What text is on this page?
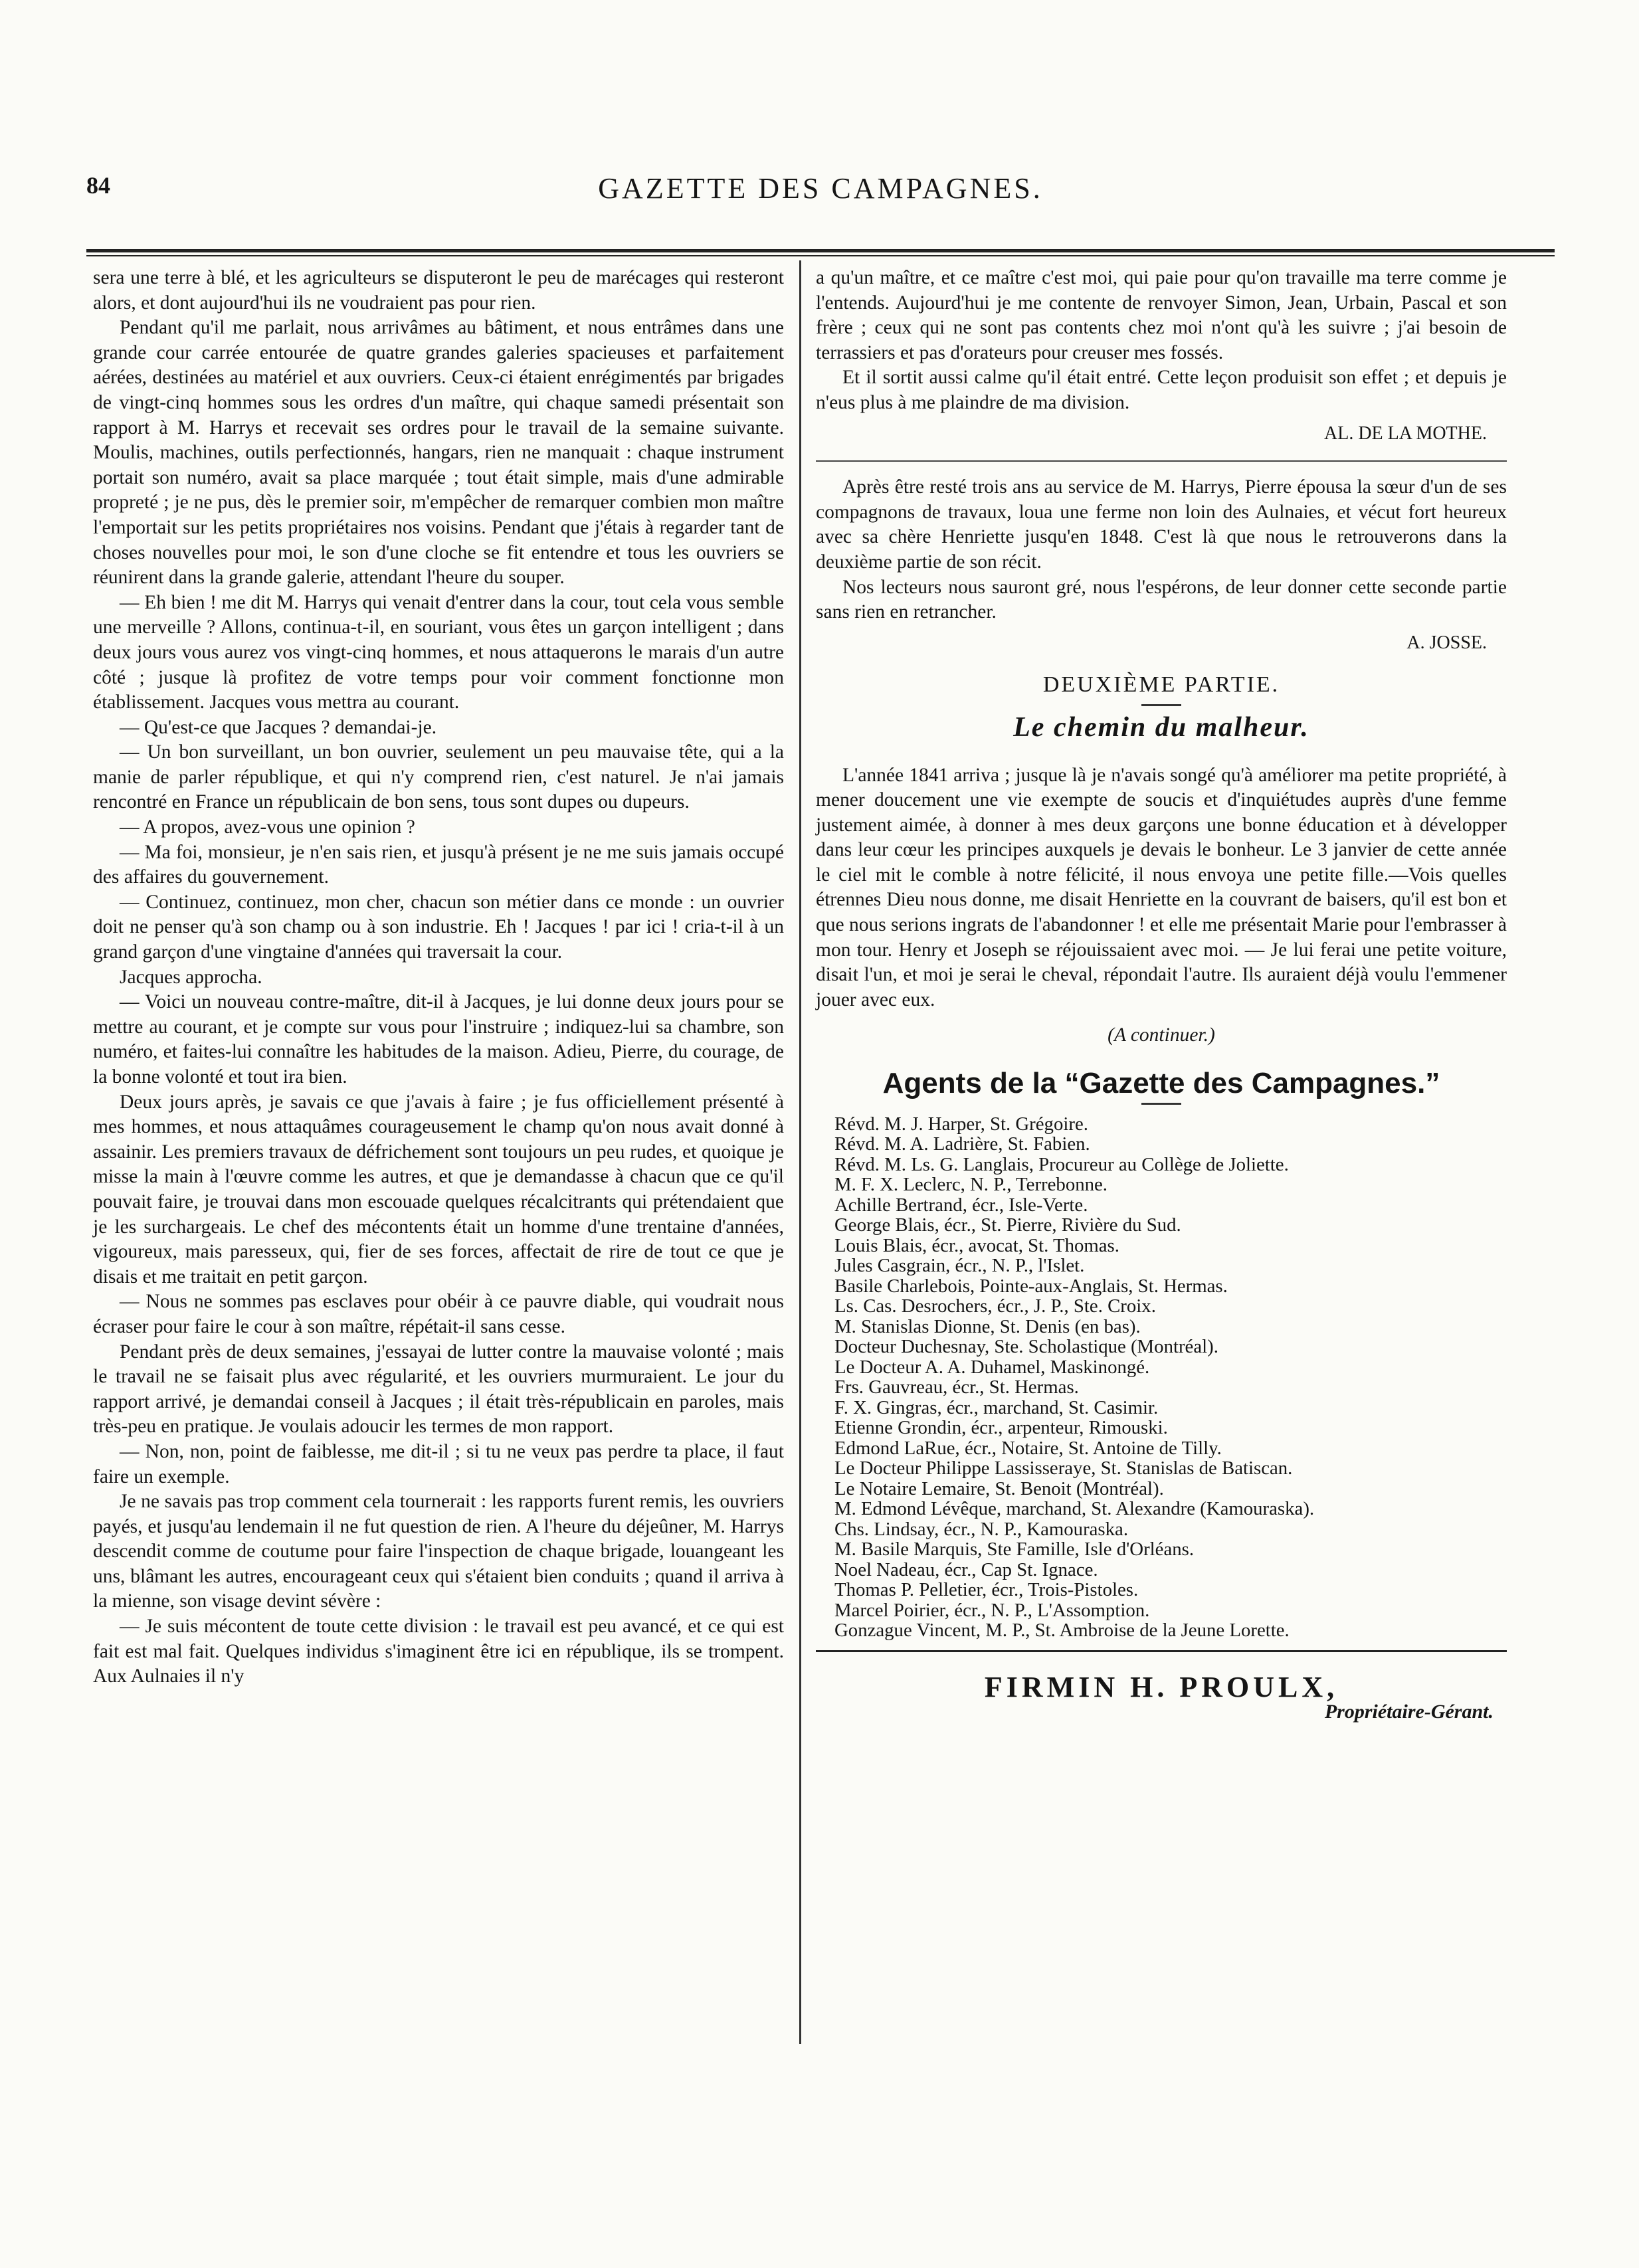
84	GAZETTE DES CAMPAGNES.

sera une terre à blé, et les agriculteurs se disputeront le peu de marécages qui resteront alors, et dont aujourd'hui ils ne voudraient pas pour rien.

Pendant qu'il me parlait, nous arrivâmes au bâtiment, et nous entrâmes dans une grande cour carrée entourée de quatre grandes galeries spacieuses et parfaitement aérées, destinées au matériel et aux ouvriers. Ceux-ci étaient enrégimentés par brigades de vingt-cinq hommes sous les ordres d'un maître, qui chaque samedi présentait son rapport à M. Harrys et recevait ses ordres pour le travail de la semaine suivante. Moulis, machines, outils perfectionnés, hangars, rien ne manquait : chaque instrument portait son numéro, avait sa place marquée ; tout était simple, mais d'une admirable propreté ; je ne pus, dès le premier soir, m'empêcher de remarquer combien mon maître l'emportait sur les petits propriétaires nos voisins. Pendant que j'étais à regarder tant de choses nouvelles pour moi, le son d'une cloche se fit entendre et tous les ouvriers se réunirent dans la grande galerie, attendant l'heure du souper.

— Eh bien ! me dit M. Harrys qui venait d'entrer dans la cour, tout cela vous semble une merveille ? Allons, continua-t-il, en souriant, vous êtes un garçon intelligent ; dans deux jours vous aurez vos vingt-cinq hommes, et nous attaquerons le marais d'un autre côté ; jusque là profitez de votre temps pour voir comment fonctionne mon établissement. Jacques vous mettra au courant.

— Qu'est-ce que Jacques ? demandai-je.

— Un bon surveillant, un bon ouvrier, seulement un peu mauvaise tête, qui a la manie de parler république, et qui n'y comprend rien, c'est naturel. Je n'ai jamais rencontré en France un républicain de bon sens, tous sont dupes ou dupeurs.

— A propos, avez-vous une opinion ?

— Ma foi, monsieur, je n'en sais rien, et jusqu'à présent je ne me suis jamais occupé des affaires du gouvernement.

— Continuez, continuez, mon cher, chacun son métier dans ce monde : un ouvrier doit ne penser qu'à son champ ou à son industrie. Eh ! Jacques ! par ici ! cria-t-il à un grand garçon d'une vingtaine d'années qui traversait la cour.

Jacques approcha.

— Voici un nouveau contre-maître, dit-il à Jacques, je lui donne deux jours pour se mettre au courant, et je compte sur vous pour l'instruire ; indiquez-lui sa chambre, son numéro, et faites-lui connaître les habitudes de la maison. Adieu, Pierre, du courage, de la bonne volonté et tout ira bien.

Deux jours après, je savais ce que j'avais à faire ; je fus officiellement présenté à mes hommes, et nous attaquâmes courageusement le champ qu'on nous avait donné à assainir. Les premiers travaux de défrichement sont toujours un peu rudes, et quoique je misse la main à l'œuvre comme les autres, et que je demandasse à chacun que ce qu'il pouvait faire, je trouvai dans mon escouade quelques récalcitrants qui prétendaient que je les surchargeais. Le chef des mécontents était un homme d'une trentaine d'années, vigoureux, mais paresseux, qui, fier de ses forces, affectait de rire de tout ce que je disais et me traitait en petit garçon.

— Nous ne sommes pas esclaves pour obéir à ce pauvre diable, qui voudrait nous écraser pour faire le cour à son maître, répétait-il sans cesse.

Pendant près de deux semaines, j'essayai de lutter contre la mauvaise volonté ; mais le travail ne se faisait plus avec régularité, et les ouvriers murmuraient. Le jour du rapport arrivé, je demandai conseil à Jacques ; il était très-républicain en paroles, mais très-peu en pratique. Je voulais adoucir les termes de mon rapport.

— Non, non, point de faiblesse, me dit-il ; si tu ne veux pas perdre ta place, il faut faire un exemple.

Je ne savais pas trop comment cela tournerait : les rapports furent remis, les ouvriers payés, et jusqu'au lendemain il ne fut question de rien. A l'heure du déjeûner, M. Harrys descendit comme de coutume pour faire l'inspection de chaque brigade, louangeant les uns, blâmant les autres, encourageant ceux qui s'étaient bien conduits ; quand il arriva à la mienne, son visage devint sévère :

— Je suis mécontent de toute cette division : le travail est peu avancé, et ce qui est fait est mal fait. Quelques individus s'imaginent être ici en république, ils se trompent. Aux Aulnaies il n'y

a qu'un maître, et ce maître c'est moi, qui paie pour qu'on travaille ma terre comme je l'entends. Aujourd'hui je me contente de renvoyer Simon, Jean, Urbain, Pascal et son frère ; ceux qui ne sont pas contents chez moi n'ont qu'à les suivre ; j'ai besoin de terrassiers et pas d'orateurs pour creuser mes fossés.

Et il sortit aussi calme qu'il était entré. Cette leçon produisit son effet ; et depuis je n'eus plus à me plaindre de ma division.

AL. DE LA MOTHE.

Après être resté trois ans au service de M. Harrys, Pierre épousa la sœur d'un de ses compagnons de travaux, loua une ferme non loin des Aulnaies, et vécut fort heureux avec sa chère Henriette jusqu'en 1848. C'est là que nous le retrouverons dans la deuxième partie de son récit.

Nos lecteurs nous sauront gré, nous l'espérons, de leur donner cette seconde partie sans rien en retrancher.

A. JOSSE.
DEUXIÈME PARTIE.
Le chemin du malheur.

L'année 1841 arriva ; jusque là je n'avais songé qu'à améliorer ma petite propriété, à mener doucement une vie exempte de soucis et d'inquiétudes auprès d'une femme justement aimée, à donner à mes deux garçons une bonne éducation et à développer dans leur cœur les principes auxquels je devais le bonheur. Le 3 janvier de cette année le ciel mit le comble à notre félicité, il nous envoya une petite fille.—Vois quelles étrennes Dieu nous donne, me disait Henriette en la couvrant de baisers, qu'il est bon et que nous serions ingrats de l'abandonner ! et elle me présentait Marie pour l'embrasser à mon tour. Henry et Joseph se réjouissaient avec moi. — Je lui ferai une petite voiture, disait l'un, et moi je serai le cheval, répondait l'autre. Ils auraient déjà voulu l'emmener jouer avec eux.

(A continuer.)
Agents de la “Gazette des Campagnes.”
Révd. M. J. Harper, St. Grégoire.
Révd. M. A. Ladrière, St. Fabien.
Révd. M. Ls. G. Langlais, Procureur au Collège de Joliette.
M. F. X. Leclerc, N. P., Terrebonne.
Achille Bertrand, écr., Isle-Verte.
George Blais, écr., St. Pierre, Rivière du Sud.
Louis Blais, écr., avocat, St. Thomas.
Jules Casgrain, écr., N. P., l'Islet.
Basile Charlebois, Pointe-aux-Anglais, St. Hermas.
Ls. Cas. Desrochers, écr., J. P., Ste. Croix.
M. Stanislas Dionne, St. Denis (en bas).
Docteur Duchesnay, Ste. Scholastique (Montréal).
Le Docteur A. A. Duhamel, Maskinongé.
Frs. Gauvreau, écr., St. Hermas.
F. X. Gingras, écr., marchand, St. Casimir.
Etienne Grondin, écr., arpenteur, Rimouski.
Edmond LaRue, écr., Notaire, St. Antoine de Tilly.
Le Docteur Philippe Lassisseraye, St. Stanislas de Batiscan.
Le Notaire Lemaire, St. Benoit (Montréal).
M. Edmond Lévêque, marchand, St. Alexandre (Kamouraska).
Chs. Lindsay, écr., N. P., Kamouraska.
M. Basile Marquis, Ste Famille, Isle d'Orléans.
Noel Nadeau, écr., Cap St. Ignace.
Thomas P. Pelletier, écr., Trois-Pistoles.
Marcel Poirier, écr., N. P., L'Assomption.
Gonzague Vincent, M. P., St. Ambroise de la Jeune Lorette.
FIRMIN H. PROULX,
Propriétaire-Gérant.
